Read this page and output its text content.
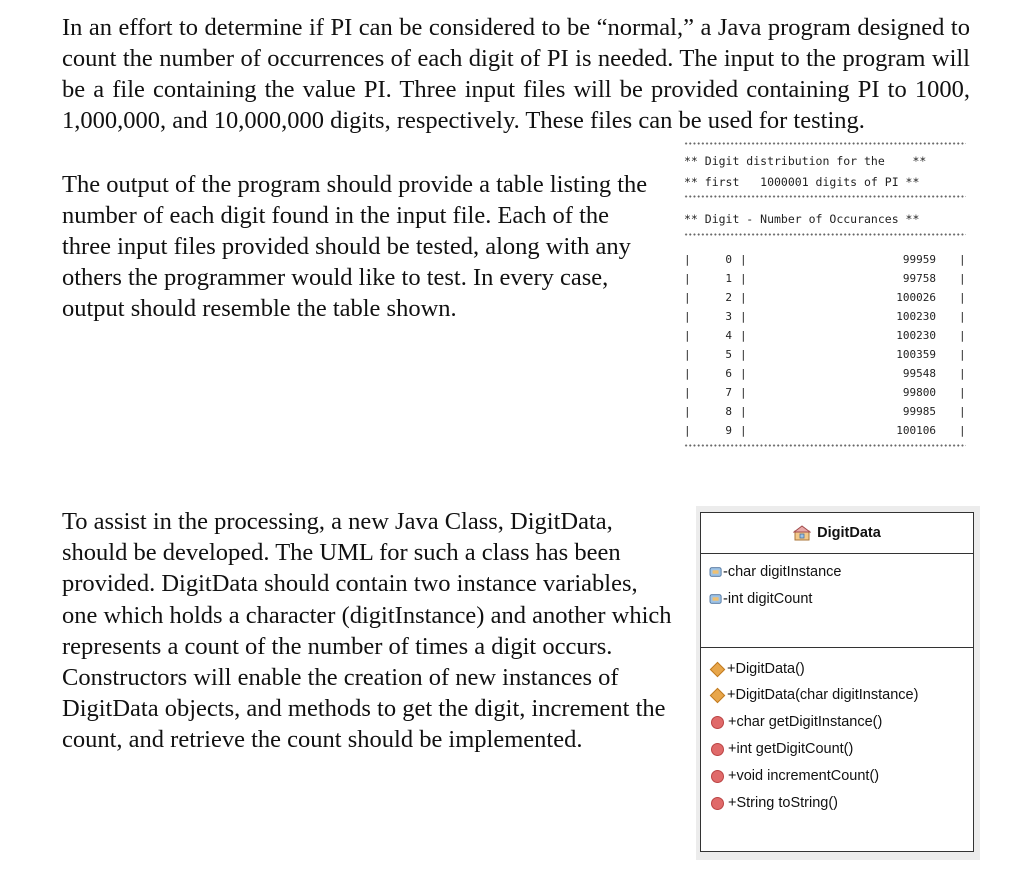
In an effort to determine if PI can be considered to be “normal,” a Java program designed to count the number of occurrences of each digit of PI is needed. The input to the program will be a file containing the value PI. Three input files will be provided containing PI to 1000, 1,000,000, and 10,000,000 digits, respectively. These files can be used for testing.

The output of the program should provide a table listing the number of each digit found in the input file. Each of the three input files provided should be tested, along with any others the programmer would like to test. In every case, output should resemble the table shown.

** Digit distribution for the    **
** first   1000001 digits of PI **
** Digit - Number of Occurances **
|	0 |	99959 |
|	1 |	99758 |
|	2 |	100026 |
|	3 |	100230 |
|	4 |	100230 |
|	5 |	100359 |
|	6 |	99548 |
|	7 |	99800 |
|	8 |	99985 |
|	9 |	100106 |

To assist in the processing, a new Java Class, DigitData, should be developed. The UML for such a class has been provided. DigitData should contain two instance variables, one which holds a character (digitInstance) and another which represents a count of the number of times a digit occurs. Constructors will enable the creation of new instances of DigitData objects, and methods to get the digit, increment the count, and retrieve the count should be implemented.

DigitData
-char digitInstance
-int digitCount
+DigitData()
+DigitData(char digitInstance)
+char getDigitInstance()
+int getDigitCount()
+void incrementCount()
+String toString()
